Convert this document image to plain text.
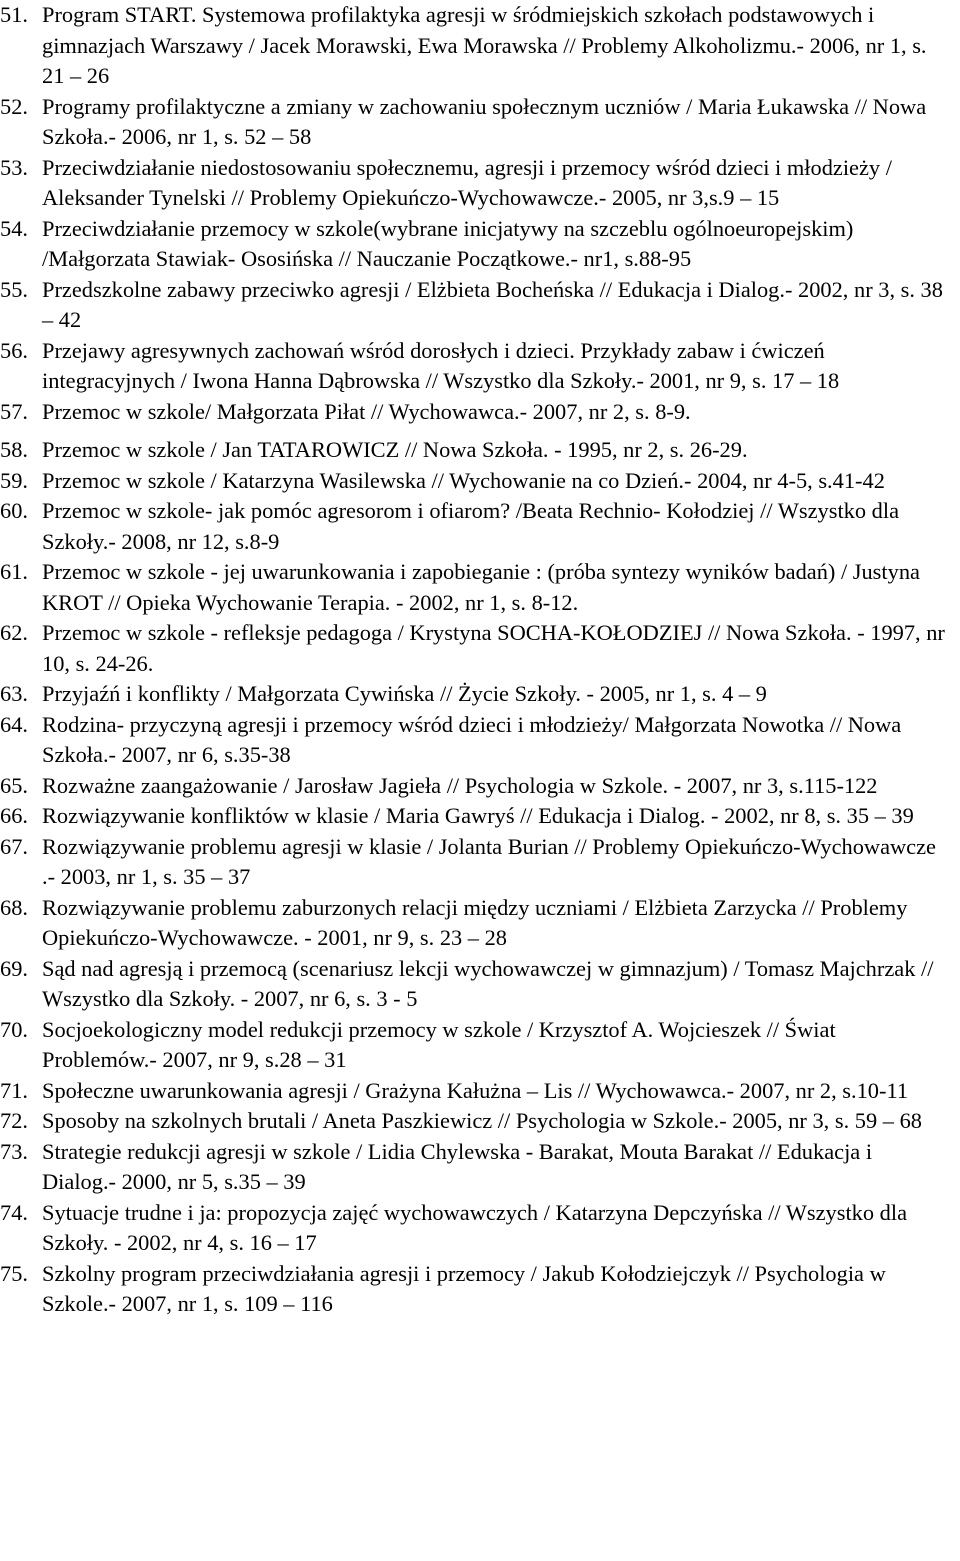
51. Program START. Systemowa profilaktyka agresji w śródmiejskich szkołach podstawowych i gimnazjach Warszawy / Jacek Morawski, Ewa Morawska // Problemy Alkoholizmu.- 2006, nr 1, s. 21 – 26
52. Programy profilaktyczne a zmiany w zachowaniu społecznym uczniów / Maria Łukawska // Nowa Szkoła.- 2006, nr 1, s. 52 – 58
53. Przeciwdziałanie niedostosowaniu społecznemu, agresji i przemocy wśród dzieci i młodzieży / Aleksander Tynelski // Problemy Opiekuńczo-Wychowawcze.- 2005, nr 3,s.9 – 15
54. Przeciwdziałanie przemocy w szkole(wybrane inicjatywy na szczeblu ogólnoeuropejskim) /Małgorzata Stawiak- Ososińska // Nauczanie Początkowe.- nr1, s.88-95
55. Przedszkolne zabawy przeciwko agresji / Elżbieta Bocheńska // Edukacja i Dialog.- 2002, nr 3, s. 38 – 42
56. Przejawy agresywnych zachowań wśród dorosłych i dzieci. Przykłady zabaw i ćwiczeń integracyjnych / Iwona Hanna Dąbrowska // Wszystko dla Szkoły.- 2001, nr 9, s. 17 – 18
57. Przemoc w szkole/ Małgorzata Piłat // Wychowawca.- 2007, nr 2, s. 8-9.
58. Przemoc w szkole / Jan TATAROWICZ // Nowa Szkoła. - 1995, nr 2, s. 26-29.
59. Przemoc w szkole / Katarzyna Wasilewska // Wychowanie na co Dzień.- 2004, nr 4-5, s.41-42
60. Przemoc w szkole- jak pomóc agresorom i ofiarom? /Beata Rechnio- Kołodziej // Wszystko dla Szkoły.- 2008, nr 12, s.8-9
61. Przemoc w szkole - jej uwarunkowania i zapobieganie : (próba syntezy wyników badań) / Justyna KROT // Opieka Wychowanie Terapia. - 2002, nr 1, s. 8-12.
62. Przemoc w szkole - refleksje pedagoga / Krystyna SOCHA-KOŁODZIEJ // Nowa Szkoła. - 1997, nr 10, s. 24-26.
63. Przyjaźń i konflikty / Małgorzata Cywińska // Życie Szkoły. - 2005, nr 1, s. 4 – 9
64. Rodzina- przyczyną agresji i przemocy wśród dzieci i młodzieży/ Małgorzata Nowotka // Nowa Szkoła.- 2007, nr 6, s.35-38
65. Rozważne zaangażowanie / Jarosław Jagieła // Psychologia w Szkole. - 2007, nr 3, s.115-122
66. Rozwiązywanie konfliktów w klasie / Maria Gawryś // Edukacja i Dialog. - 2002, nr 8, s. 35 – 39
67. Rozwiązywanie problemu agresji w klasie / Jolanta Burian // Problemy Opiekuńczo-Wychowawcze .- 2003, nr 1, s. 35 – 37
68. Rozwiązywanie problemu zaburzonych relacji między uczniami / Elżbieta Zarzycka // Problemy Opiekuńczo-Wychowawcze. - 2001, nr 9, s. 23 – 28
69. Sąd nad agresją i przemocą (scenariusz lekcji wychowawczej w gimnazjum) / Tomasz Majchrzak // Wszystko dla Szkoły. - 2007, nr 6, s. 3 - 5
70. Socjoekologiczny model redukcji przemocy w szkole / Krzysztof A. Wojcieszek // Świat Problemów.- 2007, nr 9, s.28 – 31
71. Społeczne uwarunkowania agresji / Grażyna Kałużna – Lis // Wychowawca.- 2007, nr 2, s.10-11
72. Sposoby na szkolnych brutali / Aneta Paszkiewicz // Psychologia w Szkole.- 2005, nr 3, s. 59 – 68
73. Strategie redukcji agresji w szkole / Lidia Chylewska - Barakat, Mouta Barakat // Edukacja i Dialog.- 2000, nr 5, s.35 – 39
74. Sytuacje trudne i ja: propozycja zajęć wychowawczych / Katarzyna Depczyńska // Wszystko dla Szkoły. - 2002, nr 4, s. 16 – 17
75. Szkolny program przeciwdziałania agresji i przemocy / Jakub Kołodziejczyk // Psychologia w Szkole.- 2007, nr 1, s. 109 – 116
